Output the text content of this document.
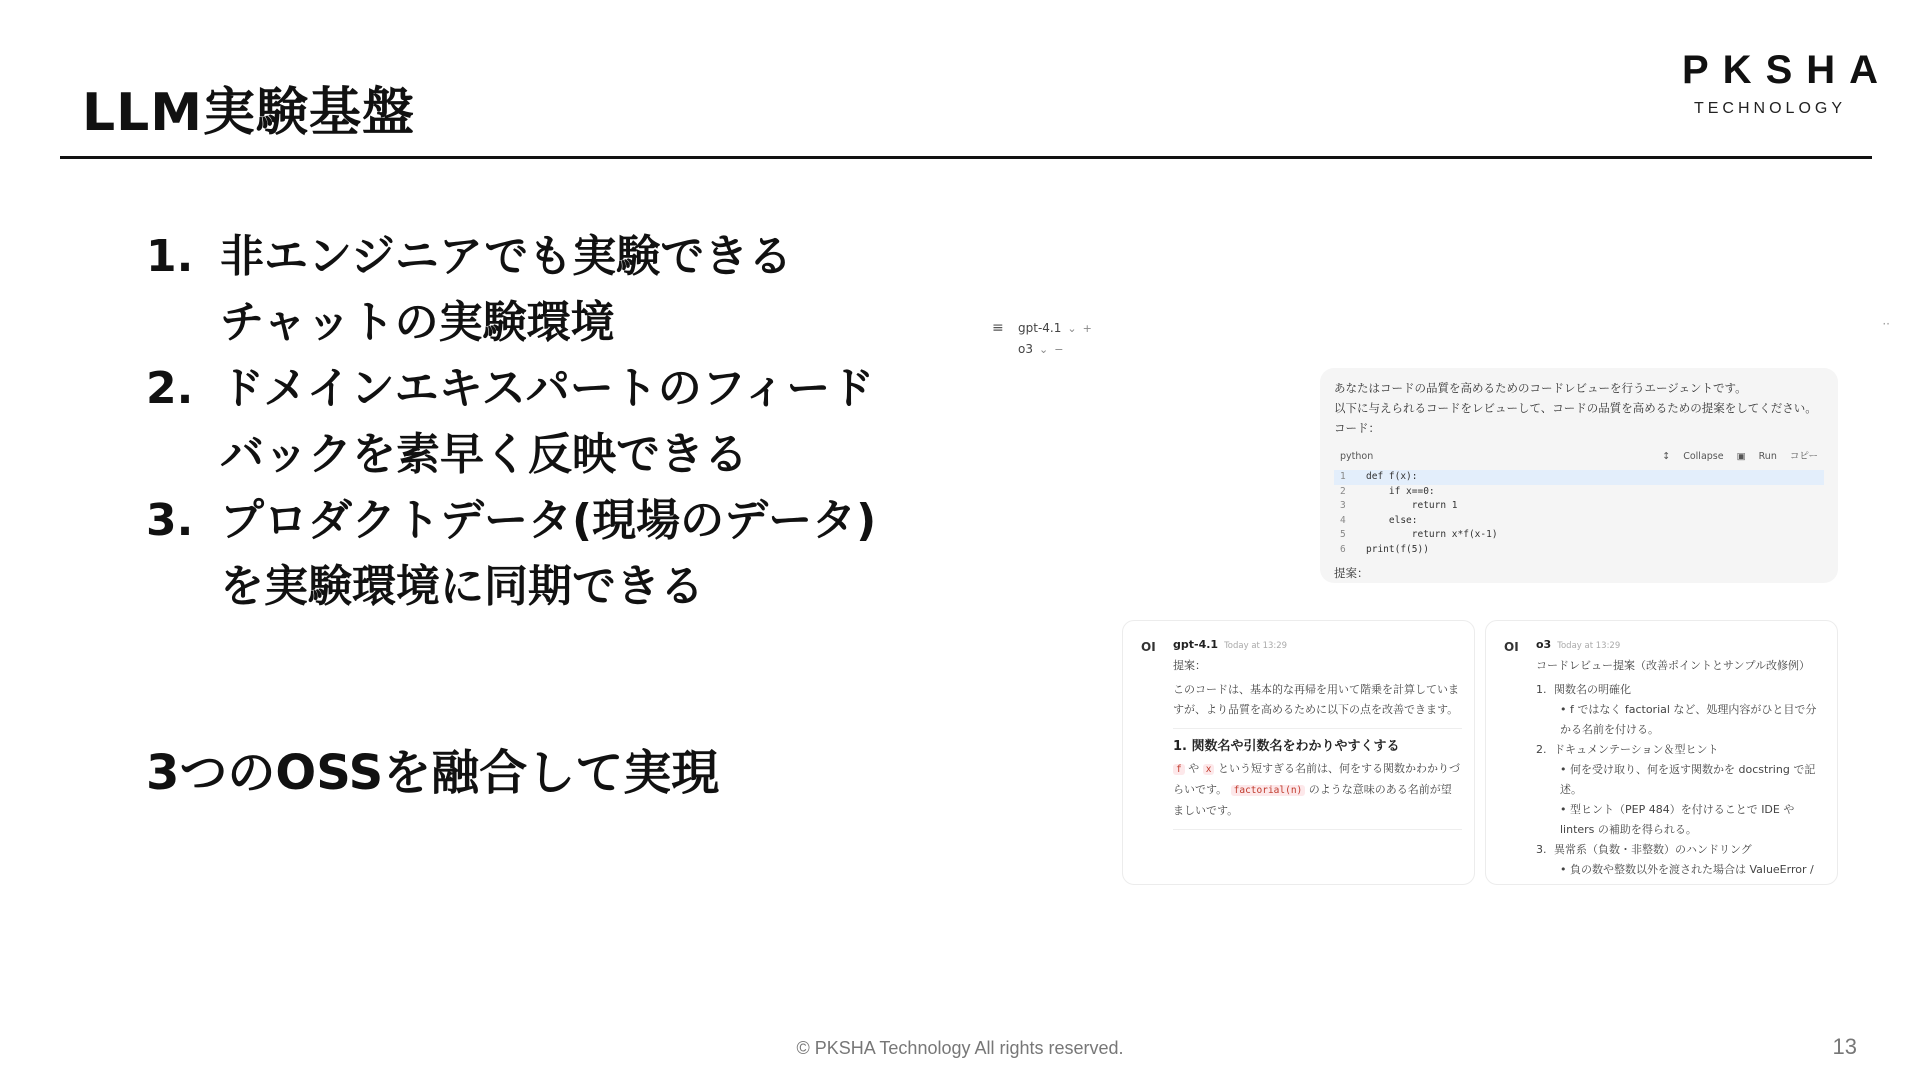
LLM実験基盤
PKSHA
TECHNOLOGY
1. 非エンジニアでも実験できる
チャットの実験環境
2. ドメインエキスパートのフィード
バックを素早く反映できる
3. プロダクトデータ(現場のデータ)
を実験環境に同期できる
3つのOSSを融合して実現
≡	gpt-4.1 ⌄ +
o3 ⌄ −
··
あなたはコードの品質を高めるためのコードレビューを行うエージェントです。
以下に与えられるコードをレビューして、コードの品質を高めるための提案をしてください。
コード：
python	↕ Collapse ▣ Run コピー
1	def f(x):
2	if x==0:
3	return 1
4	else:
5	return x*f(x-1)
6	print(f(5))
提案：
OI gpt-4.1 Today at 13:29
提案：
このコードは、基本的な再帰を用いて階乗を計算していますが、より品質を高めるために以下の点を改善できます。
1. 関数名や引数名をわかりやすくする
f や x という短すぎる名前は、何をする関数かわかりづらいです。 factorial(n) のような意味のある名前が望ましいです。
OI o3 Today at 13:29
コードレビュー提案（改善ポイントとサンプル改修例）
1. 関数名の明確化
• f ではなく factorial など、処理内容がひと目で分かる名前を付ける。
2. ドキュメンテーション＆型ヒント
• 何を受け取り、何を返す関数かを docstring で記述。
• 型ヒント（PEP 484）を付けることで IDE や linters の補助を得られる。
3. 異常系（負数・非整数）のハンドリング
• 負の数や整数以外を渡された場合は ValueError /
© PKSHA Technology All rights reserved.	13
